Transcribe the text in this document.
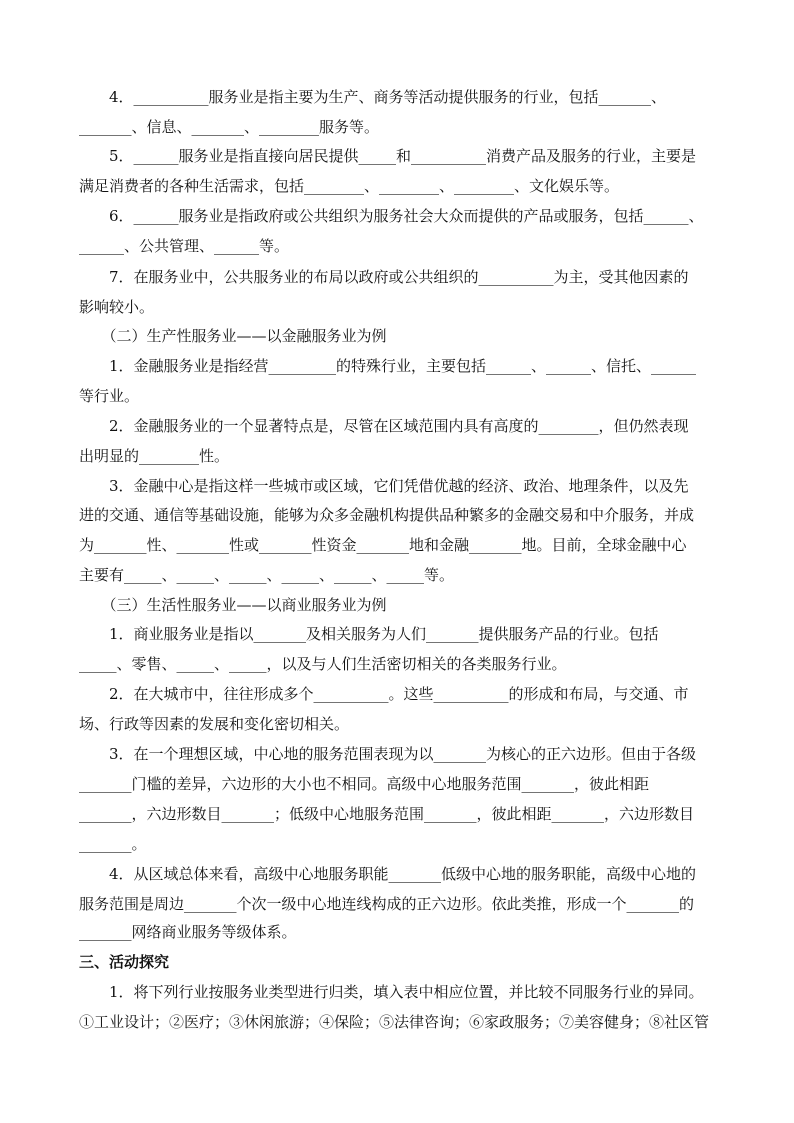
　　4．__________服务业是指主要为生产、商务等活动提供服务的行业，包括_______、
_______、信息、_______、________服务等。
　　5．______服务业是指直接向居民提供_____和__________消费产品及服务的行业，主要是
满足消费者的各种生活需求，包括________、________、________、文化娱乐等。
　　6．______服务业是指政府或公共组织为服务社会大众而提供的产品或服务，包括______、
______、公共管理、______等。
　　7．在服务业中，公共服务业的布局以政府或公共组织的__________为主，受其他因素的
影响较小。
　　（二）生产性服务业——以金融服务业为例
　　1．金融服务业是指经营_________的特殊行业，主要包括______、______、信托、______
等行业。
　　2．金融服务业的一个显著特点是，尽管在区域范围内具有高度的________，但仍然表现
出明显的________性。
　　3．金融中心是指这样一些城市或区域，它们凭借优越的经济、政治、地理条件，以及先
进的交通、通信等基础设施，能够为众多金融机构提供品种繁多的金融交易和中介服务，并成
为_______性、_______性或_______性资金_______地和金融_______地。目前，全球金融中心
主要有_____、_____、_____、_____、_____、_____等。
　　（三）生活性服务业——以商业服务业为例
　　1．商业服务业是指以_______及相关服务为人们_______提供服务产品的行业。包括
_____、零售、_____、_____，以及与人们生活密切相关的各类服务行业。
　　2．在大城市中，往往形成多个__________。这些__________的形成和布局，与交通、市
场、行政等因素的发展和变化密切相关。
　　3．在一个理想区域，中心地的服务范围表现为以_______为核心的正六边形。但由于各级
_______门槛的差异，六边形的大小也不相同。高级中心地服务范围_______，彼此相距
_______，六边形数目_______；低级中心地服务范围_______，彼此相距_______，六边形数目
_______。
　　4．从区域总体来看，高级中心地服务职能_______低级中心地的服务职能，高级中心地的
服务范围是周边_______个次一级中心地连线构成的正六边形。依此类推，形成一个_______的
_______网络商业服务等级体系。
三、活动探究
　　1．将下列行业按服务业类型进行归类，填入表中相应位置，并比较不同服务行业的异同。
①工业设计；②医疗；③休闲旅游；④保险；⑤法律咨询；⑥家政服务；⑦美容健身；⑧社区管
